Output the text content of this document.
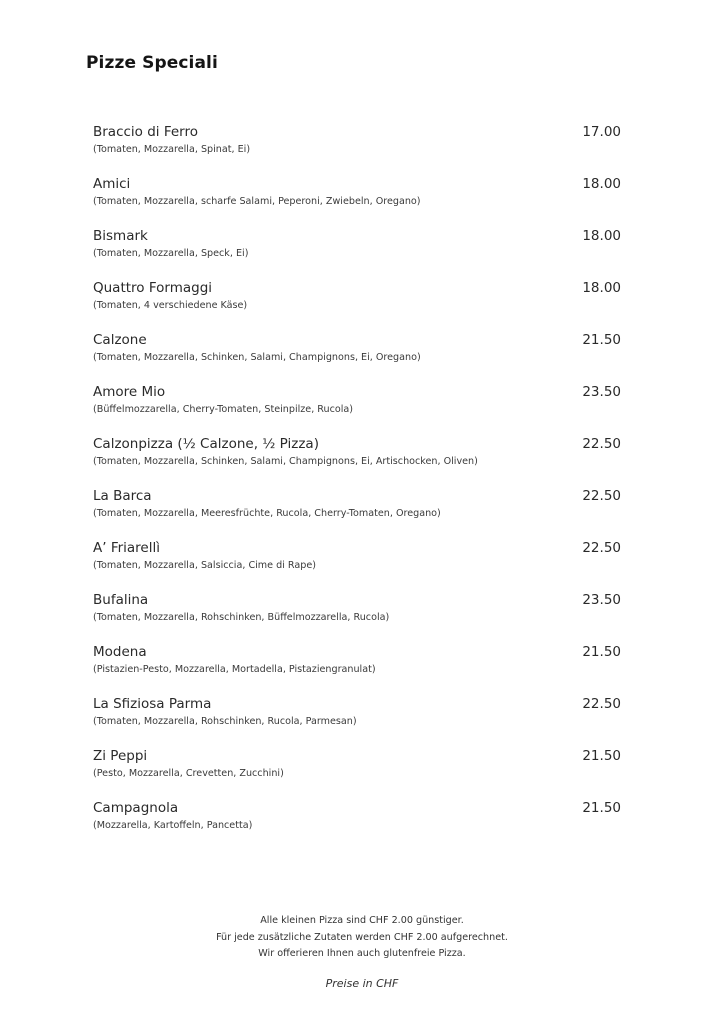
Pizze Speciali
Braccio di Ferro
(Tomaten, Mozzarella, Spinat, Ei)
17.00
Amici
(Tomaten, Mozzarella, scharfe Salami, Peperoni, Zwiebeln, Oregano)
18.00
Bismark
(Tomaten, Mozzarella, Speck, Ei)
18.00
Quattro Formaggi
(Tomaten, 4 verschiedene Käse)
18.00
Calzone
(Tomaten, Mozzarella, Schinken, Salami, Champignons, Ei, Oregano)
21.50
Amore Mio
(Büffelmozzarella, Cherry-Tomaten, Steinpilze, Rucola)
23.50
Calzonpizza (½ Calzone, ½ Pizza)
(Tomaten, Mozzarella, Schinken, Salami, Champignons, Ei, Artischocken, Oliven)
22.50
La Barca
(Tomaten, Mozzarella, Meeresfrüchte, Rucola, Cherry-Tomaten, Oregano)
22.50
A’ Friarellì
(Tomaten, Mozzarella, Salsiccia, Cime di Rape)
22.50
Bufalina
(Tomaten, Mozzarella, Rohschinken, Büffelmozzarella, Rucola)
23.50
Modena
(Pistazien-Pesto, Mozzarella, Mortadella, Pistaziengranulat)
21.50
La Sfiziosa Parma
(Tomaten, Mozzarella, Rohschinken, Rucola, Parmesan)
22.50
Zi Peppi
(Pesto, Mozzarella, Crevetten, Zucchini)
21.50
Campagnola
(Mozzarella, Kartoffeln, Pancetta)
21.50

Alle kleinen Pizza sind CHF 2.00 günstiger.

Für jede zusätzliche Zutaten werden CHF 2.00 aufgerechnet.

Wir offerieren Ihnen auch glutenfreie Pizza.

Preise in CHF
